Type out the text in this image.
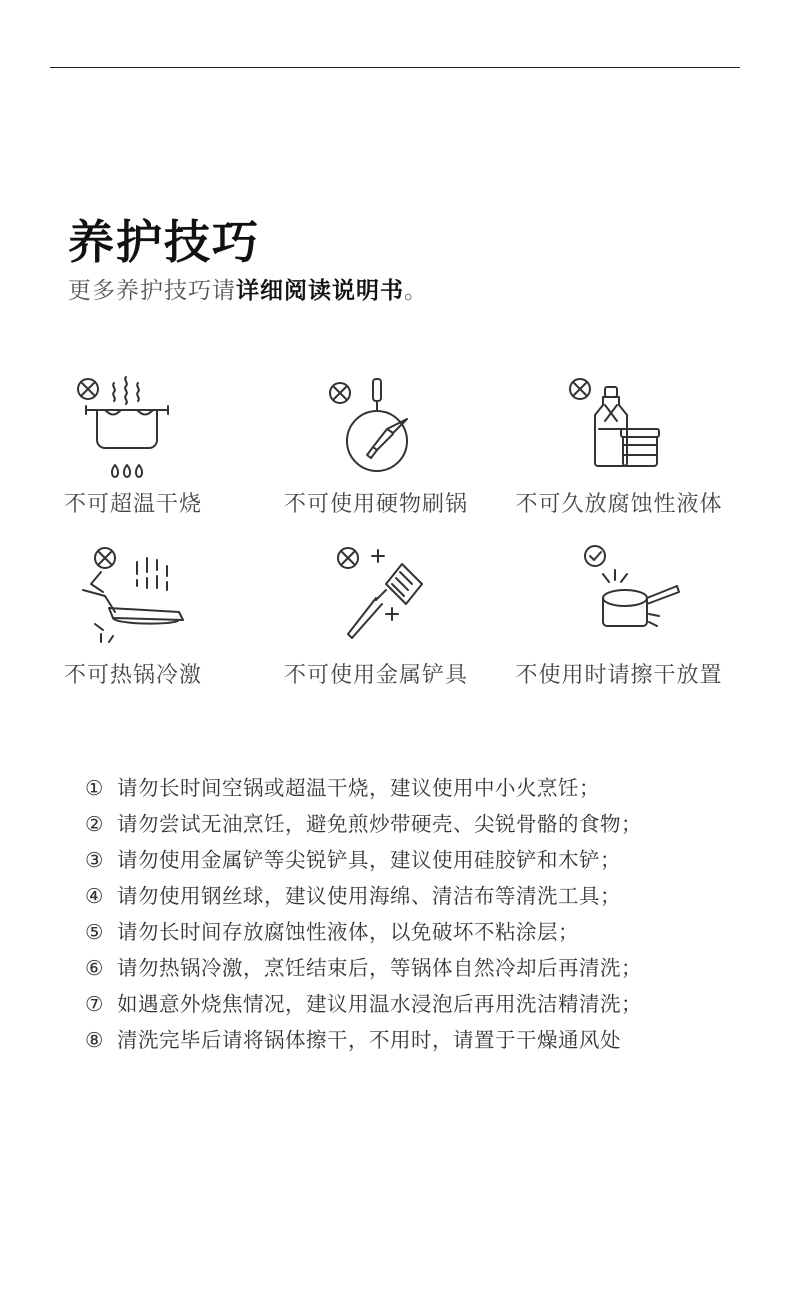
养护技巧
更多养护技巧请详细阅读说明书。
不可超温干烧	不可使用硬物刷锅	不可久放腐蚀性液体
不可热锅冷激	不可使用金属铲具	不使用时请擦干放置
① 请勿长时间空锅或超温干烧，建议使用中小火烹饪；
② 请勿尝试无油烹饪，避免煎炒带硬壳、尖锐骨骼的食物；
③ 请勿使用金属铲等尖锐铲具，建议使用硅胶铲和木铲；
④ 请勿使用钢丝球，建议使用海绵、清洁布等清洗工具；
⑤ 请勿长时间存放腐蚀性液体，以免破坏不粘涂层；
⑥ 请勿热锅冷激，烹饪结束后，等锅体自然冷却后再清洗；
⑦ 如遇意外烧焦情况，建议用温水浸泡后再用洗洁精清洗；
⑧ 清洗完毕后请将锅体擦干，不用时，请置于干燥通风处
